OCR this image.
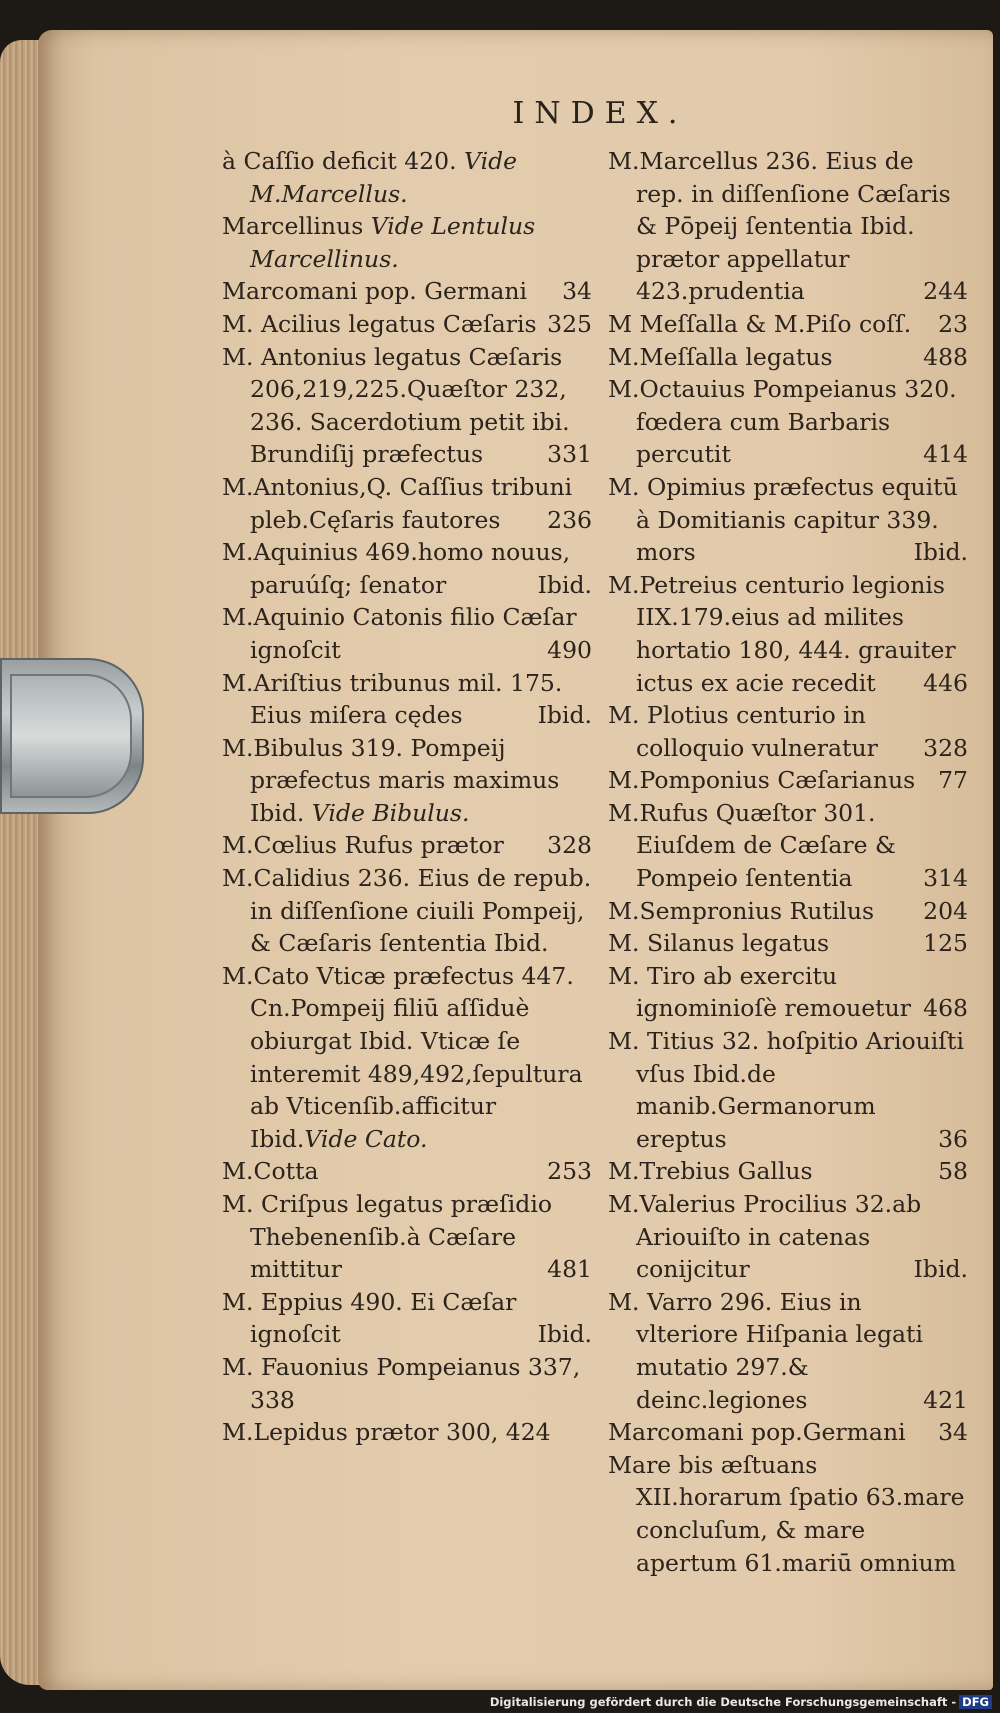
INDEX.
à Caſſio deficit 420. Vide M.Marcellus.
Marcellinus Vide Lentulus Marcellinus.
Marcomani pop. Germani 34
M. Acilius legatus Cæſaris 325
M. Antonius legatus Cæſaris 206,219,225.Quæſtor 232, 236. Sacerdotium petit ibi. Brundiſij præfectus	331
M.Antonius,Q. Caſſius tribuni pleb.Cęſaris fautores 236
M.Aquinius 469.homo nouus, paruúſq; ſenator	Ibid.
M.Aquinio Catonis filio Cæſar ignoſcit	490
M.Ariſtius tribunus mil. 175. Eius miſera cędes	Ibid.
M.Bibulus 319. Pompeij præfectus maris maximus Ibid. Vide Bibulus.
M.Cœlius Rufus prætor 328
M.Calidius 236. Eius de repub. in diſſenſione ciuili Pompeij, & Cæſaris ſententia Ibid.
M.Cato Vticæ præfectus 447. Cn.Pompeij filiū aſſiduè obiurgat Ibid. Vticæ ſe interemit 489,492,ſepultura ab Vticenſib.afficitur Ibid.Vide Cato.
M.Cotta	253
M. Criſpus legatus præſidio Thebenenſib.à Cæſare mittitur	481
M. Eppius 490. Ei Cæſar ignoſcit	Ibid.
M. Fauonius Pompeianus 337, 338
M.Lepidus prætor 300, 424
M.Marcellus 236. Eius de rep. in diſſenſione Cæſaris & Pōpeij ſententia Ibid. prætor appellatur 423.prudentia	244
M Meſſalla & M.Piſo coſſ. 23
M.Meſſalla legatus	488
M.Octauius Pompeianus 320. fœdera cum Barbaris percutit	414
M. Opimius præfectus equitū à Domitianis capitur 339. mors	Ibid.
M.Petreius centurio legionis IIX.179.eius ad milites hortatio 180, 444. grauiter ictus ex acie recedit 446
M. Plotius centurio in colloquio vulneratur 328
M.Pomponius Cæſarianus 77
M.Rufus Quæſtor 301. Eiuſdem de Cæſare & Pompeio ſententia	314
M.Sempronius Rutilus 204
M. Silanus legatus	125
M. Tiro ab exercitu ignominioſè remouetur 468
M. Titius 32. hoſpitio Ariouiſti vſus Ibid.de manib.Germanorum ereptus	36
M.Trebius Gallus	58
M.Valerius Procilius 32.ab Ariouiſto in catenas conijcitur	Ibid.
M. Varro 296. Eius in vlteriore Hiſpania legati mutatio 297.& deinc.legiones	421
Marcomani pop.Germani 34
Mare bis æſtuans XII.horarum ſpatio 63.mare concluſum, & mare apertum 61.mariū omnium
Digitalisierung gefördert durch die Deutsche Forschungsgemeinschaft - DFG
